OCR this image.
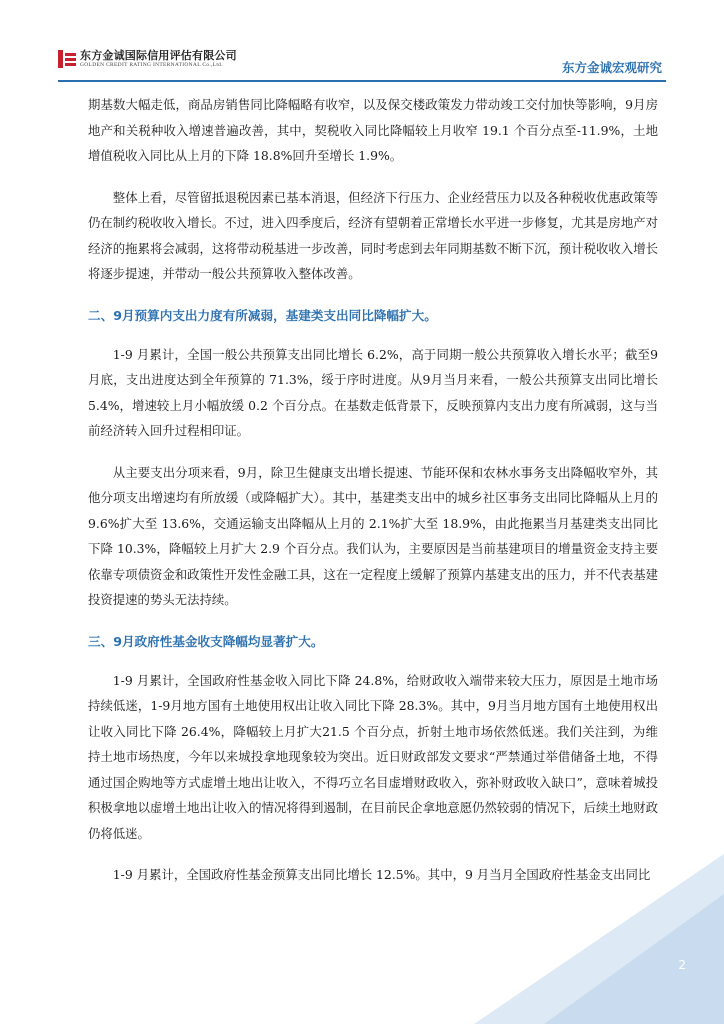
东方金诚国际信用评估有限公司
GOLDEN CREDIT RATING INTERNATIONAL Co.,Ltd.	东方金诚宏观研究

期基数大幅走低，商品房销售同比降幅略有收窄，以及保交楼政策发力带动竣工交付加快等影响，9月房地产和关税种收入增速普遍改善，其中，契税收入同比降幅较上月收窄 19.1 个百分点至-11.9%，土地增值税收入同比从上月的下降 18.8%回升至增长 1.9%。

整体上看，尽管留抵退税因素已基本消退，但经济下行压力、企业经营压力以及各种税收优惠政策等仍在制约税收收入增长。不过，进入四季度后，经济有望朝着正常增长水平进一步修复，尤其是房地产对经济的拖累将会减弱，这将带动税基进一步改善，同时考虑到去年同期基数不断下沉，预计税收收入增长将逐步提速，并带动一般公共预算收入整体改善。

二、9月预算内支出力度有所减弱，基建类支出同比降幅扩大。

1-9 月累计，全国一般公共预算支出同比增长 6.2%，高于同期一般公共预算收入增长水平；截至9月底，支出进度达到全年预算的 71.3%，绥于序时进度。从9月当月来看，一般公共预算支出同比增长5.4%，增速较上月小幅放缓 0.2 个百分点。在基数走低背景下，反映预算内支出力度有所减弱，这与当前经济转入回升过程相印证。

从主要支出分项来看，9月，除卫生健康支出增长提速、节能环保和农林水事务支出降幅收窄外，其他分项支出增速均有所放缓（或降幅扩大）。其中，基建类支出中的城乡社区事务支出同比降幅从上月的9.6%扩大至 13.6%，交通运输支出降幅从上月的 2.1%扩大至 18.9%，由此拖累当月基建类支出同比下降 10.3%，降幅较上月扩大 2.9 个百分点。我们认为，主要原因是当前基建项目的增量资金支持主要依靠专项债资金和政策性开发性金融工具，这在一定程度上缓解了预算内基建支出的压力，并不代表基建投资提速的势头无法持续。

三、9月政府性基金收支降幅均显著扩大。

1-9 月累计，全国政府性基金收入同比下降 24.8%，给财政收入端带来较大压力，原因是土地市场持续低迷，1-9月地方国有土地使用权出让收入同比下降 28.3%。其中，9月当月地方国有土地使用权出让收入同比下降 26.4%，降幅较上月扩大21.5 个百分点，折射土地市场依然低迷。我们关注到，为维持土地市场热度，今年以来城投拿地现象较为突出。近日财政部发文要求“严禁通过举借储备土地，不得通过国企购地等方式虚增土地出让收入，不得巧立名目虚增财政收入，弥补财政收入缺口”，意味着城投积极拿地以虚增土地出让收入的情况将得到遏制，在目前民企拿地意愿仍然较弱的情况下，后续土地财政仍将低迷。

1-9 月累计，全国政府性基金预算支出同比增长 12.5%。其中，9 月当月全国政府性基金支出同比

2
